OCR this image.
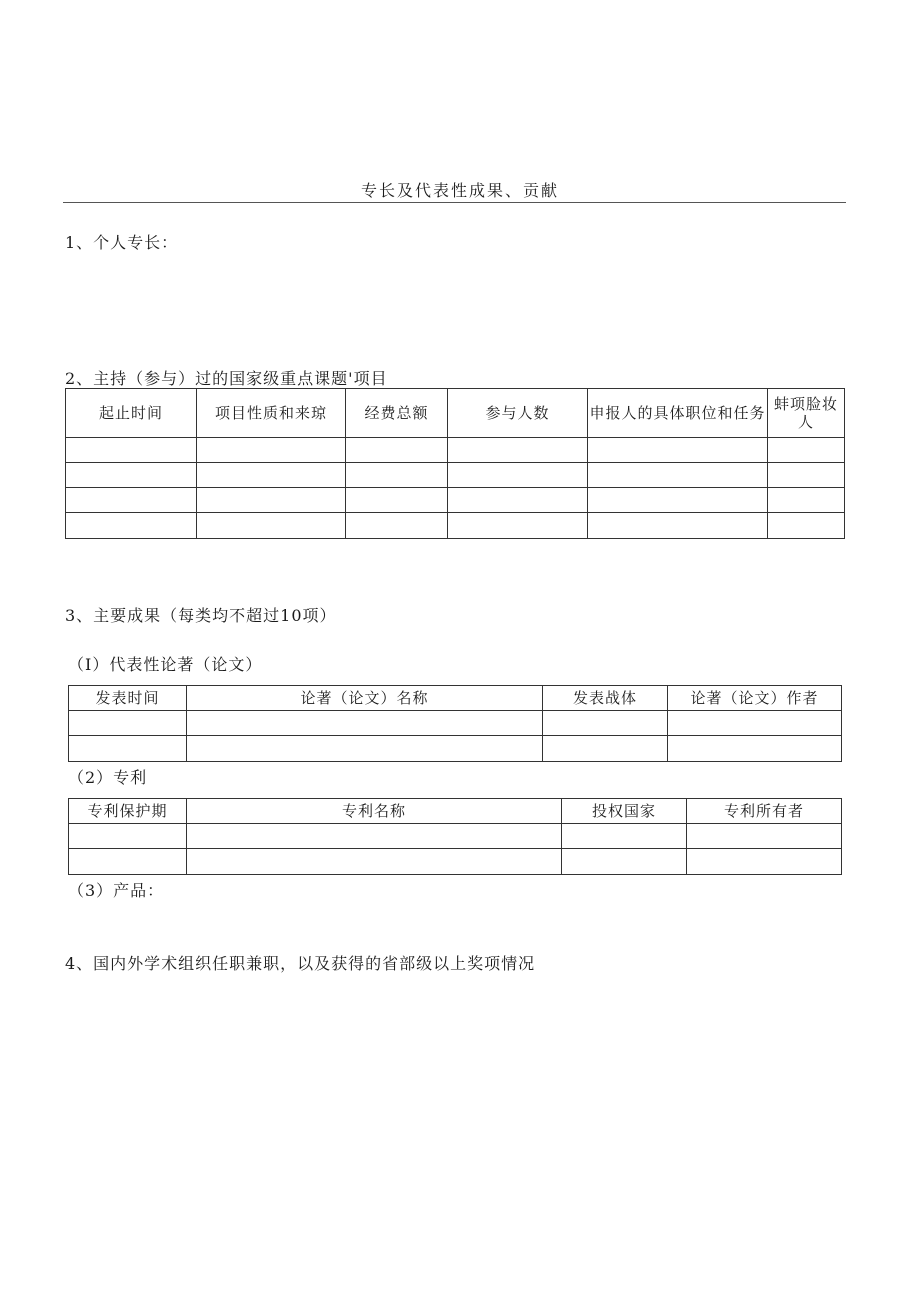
专长及代表性成果、贡献
1、个人专长：
2、主持（参与）过的国家级重点课题'项目
起止时间	项目性质和来琼	经费总额	参与人数	申报人的具体职位和任务	蚌项脸妆人

3、主要成果（每类均不超过10项）
（I）代表性论著（论文）
发表时间	论著（论文）名称	发表战体	论著（论文）作者

（2）专利
专利保护期	专利名称	投权国家	专利所有者

（3）产品：
4、国内外学术组织任职兼职，以及获得的省部级以上奖项情况
